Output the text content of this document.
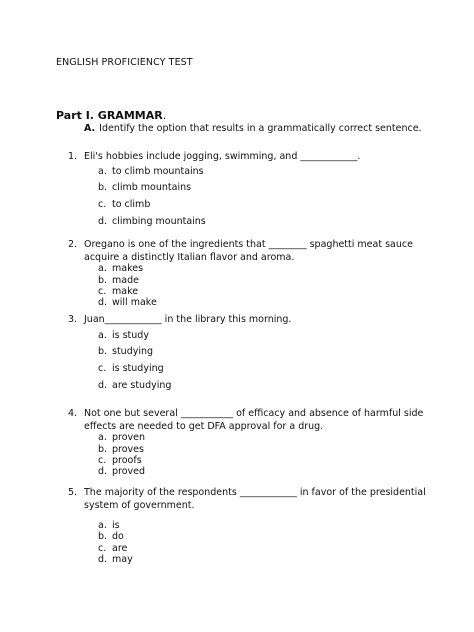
ENGLISH PROFICIENCY TEST
Part I. GRAMMAR.
A. Identify the option that results in a grammatically correct sentence.
1. Eli's hobbies include jogging, swimming, and ____________.
a. to climb mountains
b. climb mountains
c. to climb
d. climbing mountains
2. Oregano is one of the ingredients that ________ spaghetti meat sauce acquire a distinctly Italian flavor and aroma.
a. makes
b. made
c. make
d. will make
3. Juan____________ in the library this morning.
a. is study
b. studying
c. is studying
d. are studying
4. Not one but several ___________ of efficacy and absence of harmful side effects are needed to get DFA approval for a drug.
a. proven
b. proves
c. proofs
d. proved
5. The majority of the respondents ____________ in favor of the presidential system of government.
a. is
b. do
c. are
d. may
